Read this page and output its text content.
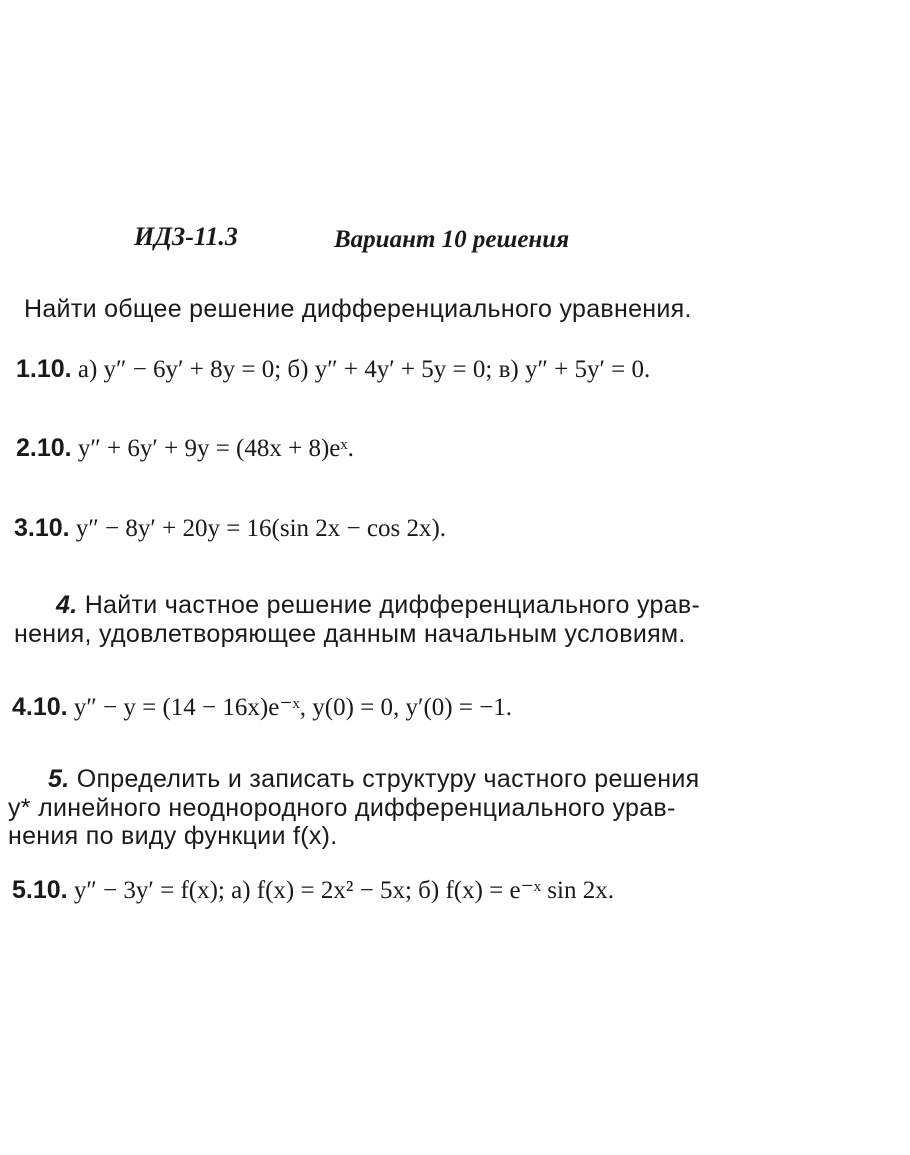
ИДЗ-11.3	Вариант 10 решения
Найти общее решение дифференциального уравнения.
1.10. а) y″ − 6y′ + 8y = 0; б) y″ + 4y′ + 5y = 0; в) y″ + 5y′ = 0.
2.10. y″ + 6y′ + 9y = (48x + 8)eˣ.
3.10. y″ − 8y′ + 20y = 16(sin 2x − cos 2x).
4. Найти частное решение дифференциального урав-
нения, удовлетворяющее данным начальным условиям.
4.10. y″ − y = (14 − 16x)e⁻ˣ, y(0) = 0, y′(0) = −1.
5. Определить и записать структуру частного решения
y* линейного неоднородного дифференциального урав-
нения по виду функции f(x).
5.10. y″ − 3y′ = f(x); а) f(x) = 2x² − 5x; б) f(x) = e⁻ˣ sin 2x.
